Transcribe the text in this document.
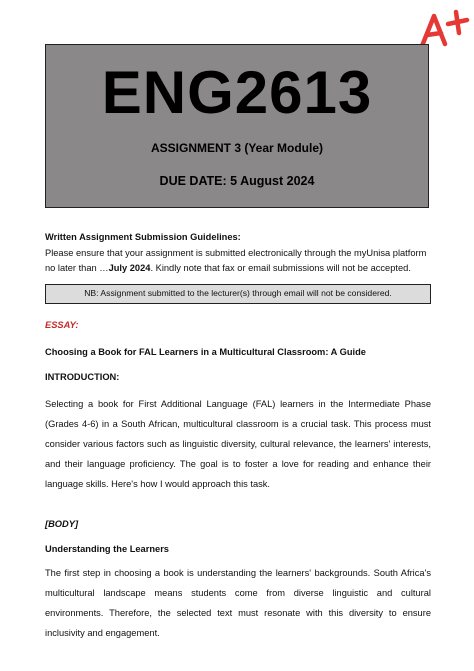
ENG2613
ASSIGNMENT 3 (Year Module)
DUE DATE: 5 August 2024

Written Assignment Submission Guidelines:

Please ensure that your assignment is submitted electronically through the myUnisa platform no later than …July 2024. Kindly note that fax or email submissions will not be accepted.

NB: Assignment submitted to the lecturer(s) through email will not be considered.

ESSAY:

Choosing a Book for FAL Learners in a Multicultural Classroom: A Guide

INTRODUCTION:

Selecting a book for First Additional Language (FAL) learners in the Intermediate Phase (Grades 4-6) in a South African, multicultural classroom is a crucial task. This process must consider various factors such as linguistic diversity, cultural relevance, the learners' interests, and their language proficiency. The goal is to foster a love for reading and enhance their language skills. Here's how I would approach this task.

[BODY]

Understanding the Learners

The first step in choosing a book is understanding the learners' backgrounds. South Africa's multicultural landscape means students come from diverse linguistic and cultural environments. Therefore, the selected text must resonate with this diversity to ensure inclusivity and engagement.
